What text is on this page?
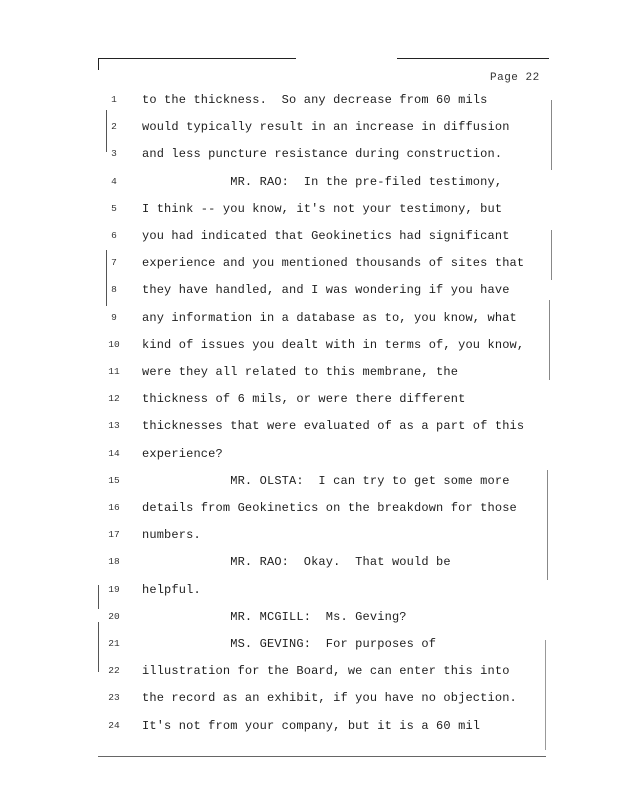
Page 22
1	to the thickness.  So any decrease from 60 mils
2	would typically result in an increase in diffusion
3	and less puncture resistance during construction.
4	MR. RAO:  In the pre-filed testimony,
5	I think -- you know, it's not your testimony, but
6	you had indicated that Geokinetics had significant
7	experience and you mentioned thousands of sites that
8	they have handled, and I was wondering if you have
9	any information in a database as to, you know, what
10	kind of issues you dealt with in terms of, you know,
11	were they all related to this membrane, the
12	thickness of 6 mils, or were there different
13	thicknesses that were evaluated of as a part of this
14	experience?
15	MR. OLSTA:  I can try to get some more
16	details from Geokinetics on the breakdown for those
17	numbers.
18	MR. RAO:  Okay.  That would be
19	helpful.
20	MR. MCGILL:  Ms. Geving?
21	MS. GEVING:  For purposes of
22	illustration for the Board, we can enter this into
23	the record as an exhibit, if you have no objection.
24	It's not from your company, but it is a 60 mil
